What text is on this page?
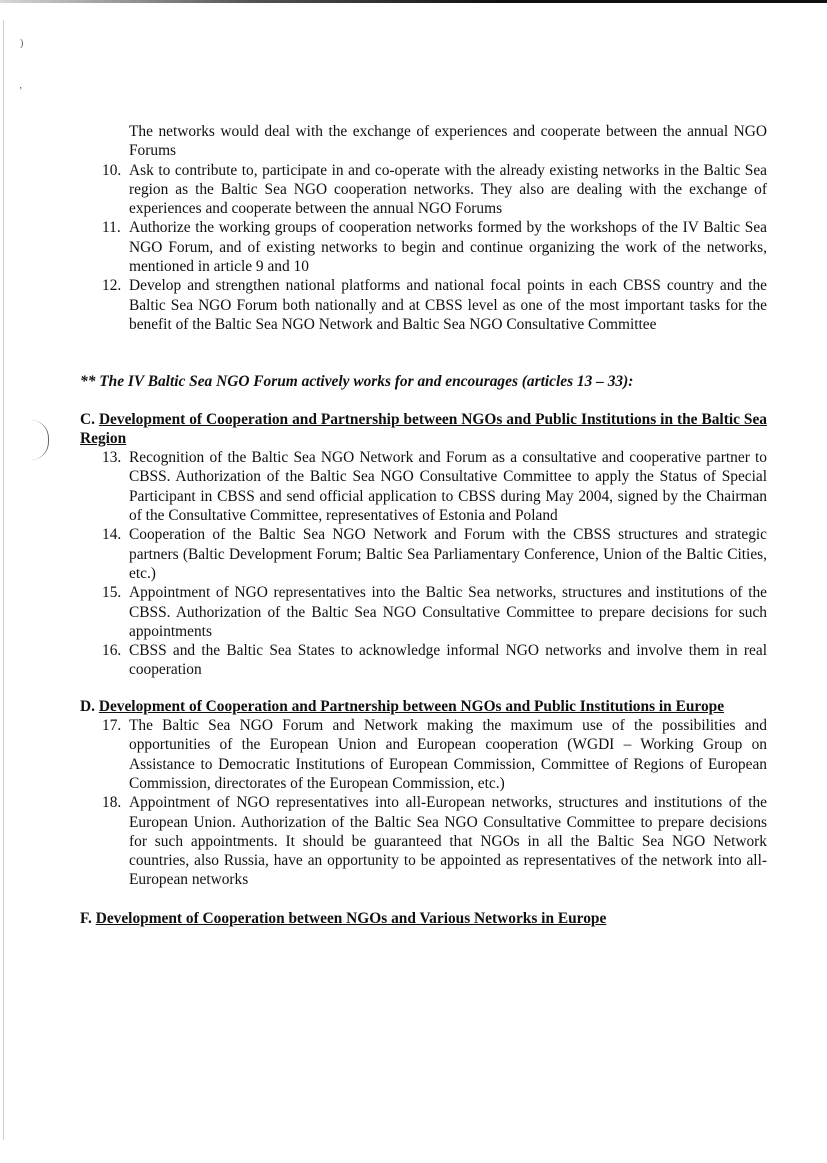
)
’
The networks would deal with the exchange of experiences and cooperate between the annual NGO Forums
10. Ask to contribute to, participate in and co-operate with the already existing networks in the Baltic Sea region as the Baltic Sea NGO cooperation networks. They also are dealing with the exchange of experiences and cooperate between the annual NGO Forums
11. Authorize the working groups of cooperation networks formed by the workshops of the IV Baltic Sea NGO Forum, and of existing networks to begin and continue organizing the work of the networks, mentioned in article 9 and 10
12. Develop and strengthen national platforms and national focal points in each CBSS country and the Baltic Sea NGO Forum both nationally and at CBSS level as one of the most important tasks for the benefit of the Baltic Sea NGO Network and Baltic Sea NGO Consultative Committee
** The IV Baltic Sea NGO Forum actively works for and encourages (articles 13 – 33):
C. Development of Cooperation and Partnership between NGOs and Public Institutions in the Baltic Sea Region
13. Recognition of the Baltic Sea NGO Network and Forum as a consultative and cooperative partner to CBSS. Authorization of the Baltic Sea NGO Consultative Committee to apply the Status of Special Participant in CBSS and send official application to CBSS during May 2004, signed by the Chairman of the Consultative Committee, representatives of Estonia and Poland
14. Cooperation of the Baltic Sea NGO Network and Forum with the CBSS structures and strategic partners (Baltic Development Forum; Baltic Sea Parliamentary Conference, Union of the Baltic Cities, etc.)
15. Appointment of NGO representatives into the Baltic Sea networks, structures and institutions of the CBSS. Authorization of the Baltic Sea NGO Consultative Committee to prepare decisions for such appointments
16. CBSS and the Baltic Sea States to acknowledge informal NGO networks and involve them in real cooperation
D. Development of Cooperation and Partnership between NGOs and Public Institutions in Europe
17. The Baltic Sea NGO Forum and Network making the maximum use of the possibilities and opportunities of the European Union and European cooperation (WGDI – Working Group on Assistance to Democratic Institutions of European Commission, Committee of Regions of European Commission, directorates of the European Commission, etc.)
18. Appointment of NGO representatives into all-European networks, structures and institutions of the European Union. Authorization of the Baltic Sea NGO Consultative Committee to prepare decisions for such appointments. It should be guaranteed that NGOs in all the Baltic Sea NGO Network countries, also Russia, have an opportunity to be appointed as representatives of the network into all-European networks
F. Development of Cooperation between NGOs and Various Networks in Europe
